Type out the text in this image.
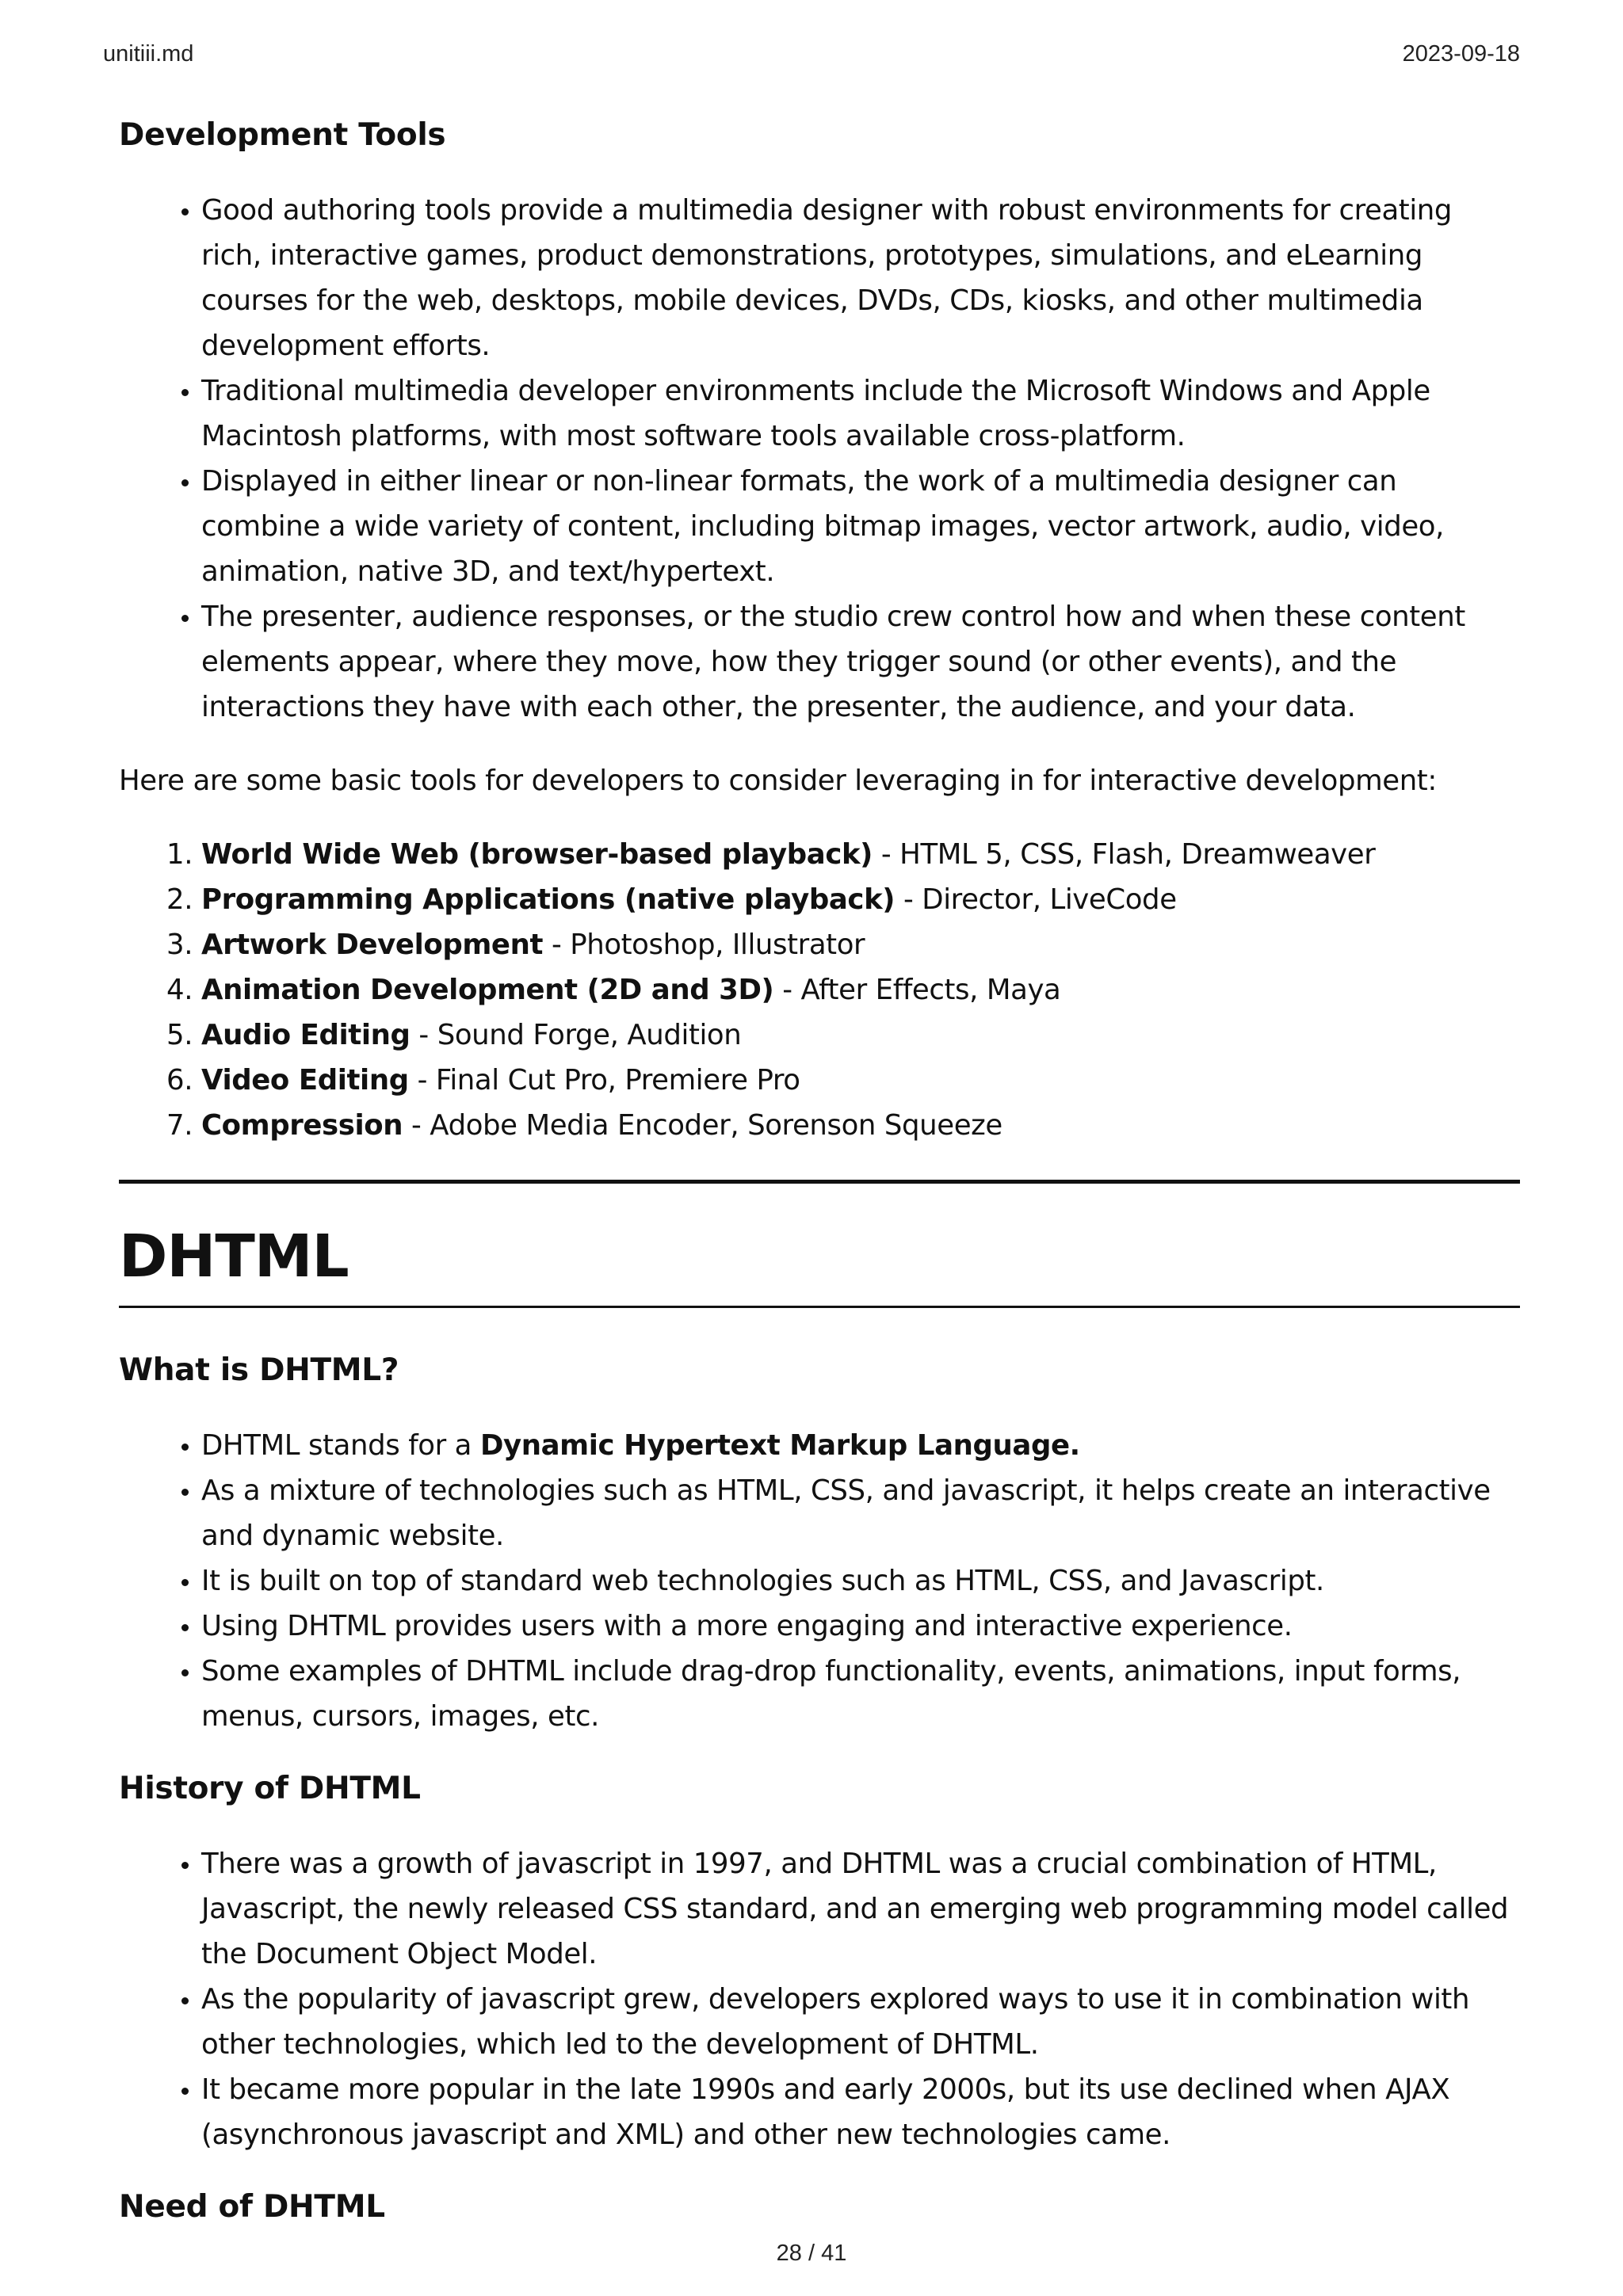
unitiii.md	2023-09-18
Development Tools
• Good authoring tools provide a multimedia designer with robust environments for creating rich, interactive games, product demonstrations, prototypes, simulations, and eLearning courses for the web, desktops, mobile devices, DVDs, CDs, kiosks, and other multimedia development efforts.
• Traditional multimedia developer environments include the Microsoft Windows and Apple Macintosh platforms, with most software tools available cross-platform.
• Displayed in either linear or non-linear formats, the work of a multimedia designer can combine a wide variety of content, including bitmap images, vector artwork, audio, video, animation, native 3D, and text/hypertext.
• The presenter, audience responses, or the studio crew control how and when these content elements appear, where they move, how they trigger sound (or other events), and the interactions they have with each other, the presenter, the audience, and your data.

Here are some basic tools for developers to consider leveraging in for interactive development:

1. World Wide Web (browser-based playback) - HTML 5, CSS, Flash, Dreamweaver
2. Programming Applications (native playback) - Director, LiveCode
3. Artwork Development - Photoshop, Illustrator
4. Animation Development (2D and 3D) - After Effects, Maya
5. Audio Editing - Sound Forge, Audition
6. Video Editing - Final Cut Pro, Premiere Pro
7. Compression - Adobe Media Encoder, Sorenson Squeeze
DHTML
What is DHTML?
• DHTML stands for a Dynamic Hypertext Markup Language.
• As a mixture of technologies such as HTML, CSS, and javascript, it helps create an interactive and dynamic website.
• It is built on top of standard web technologies such as HTML, CSS, and Javascript.
• Using DHTML provides users with a more engaging and interactive experience.
• Some examples of DHTML include drag-drop functionality, events, animations, input forms, menus, cursors, images, etc.
History of DHTML
• There was a growth of javascript in 1997, and DHTML was a crucial combination of HTML, Javascript, the newly released CSS standard, and an emerging web programming model called the Document Object Model.
• As the popularity of javascript grew, developers explored ways to use it in combination with other technologies, which led to the development of DHTML.
• It became more popular in the late 1990s and early 2000s, but its use declined when AJAX (asynchronous javascript and XML) and other new technologies came.
Need of DHTML
28 / 41
